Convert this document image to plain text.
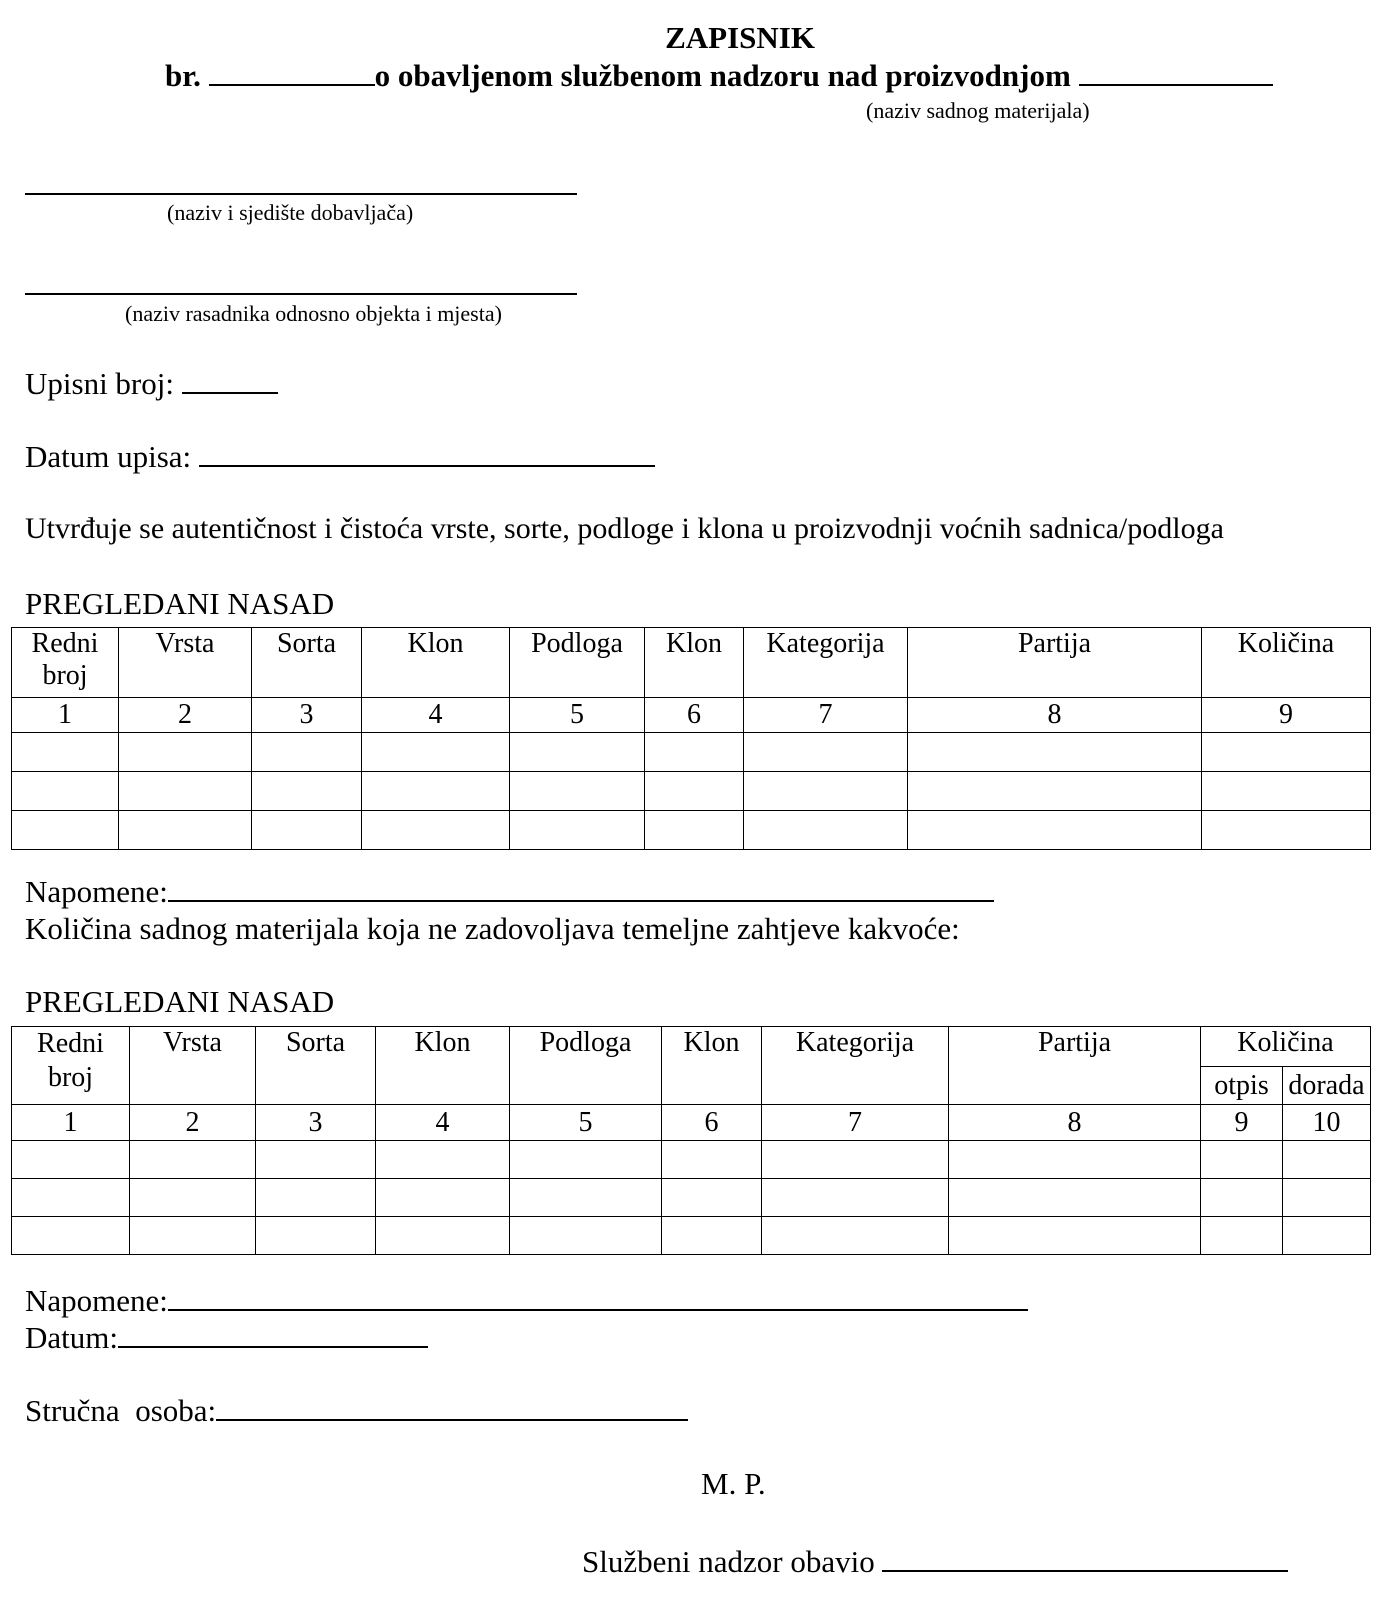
ZAPISNIK
br.	o obavljenom službenom nadzoru nad proizvodnjom
(naziv sadnog materijala)
(naziv i sjedište dobavljača)
(naziv rasadnika odnosno objekta i mjesta)
Upisni broj:
Datum upisa:
Utvrđuje se autentičnost i čistoća vrste, sorte, podloge i klona u proizvodnji voćnih sadnica/podloga
PREGLEDANI NASAD
Redni broj	Vrsta	Sorta	Klon	Podloga	Klon	Kategorija	Partija	Količina
1	2	3	4	5	6	7	8	9

Napomene:
Količina sadnog materijala koja ne zadovoljava temeljne zahtjeve kakvoće:
PREGLEDANI NASAD
Redni broj	Vrsta	Sorta	Klon	Podloga	Klon	Kategorija	Partija	Količina	
								otpis	dorada
1	2	3	4	5	6	7	8	9	10

Napomene:
Datum:
Stručna  osoba:
M. P.
Službeni nadzor obavio
